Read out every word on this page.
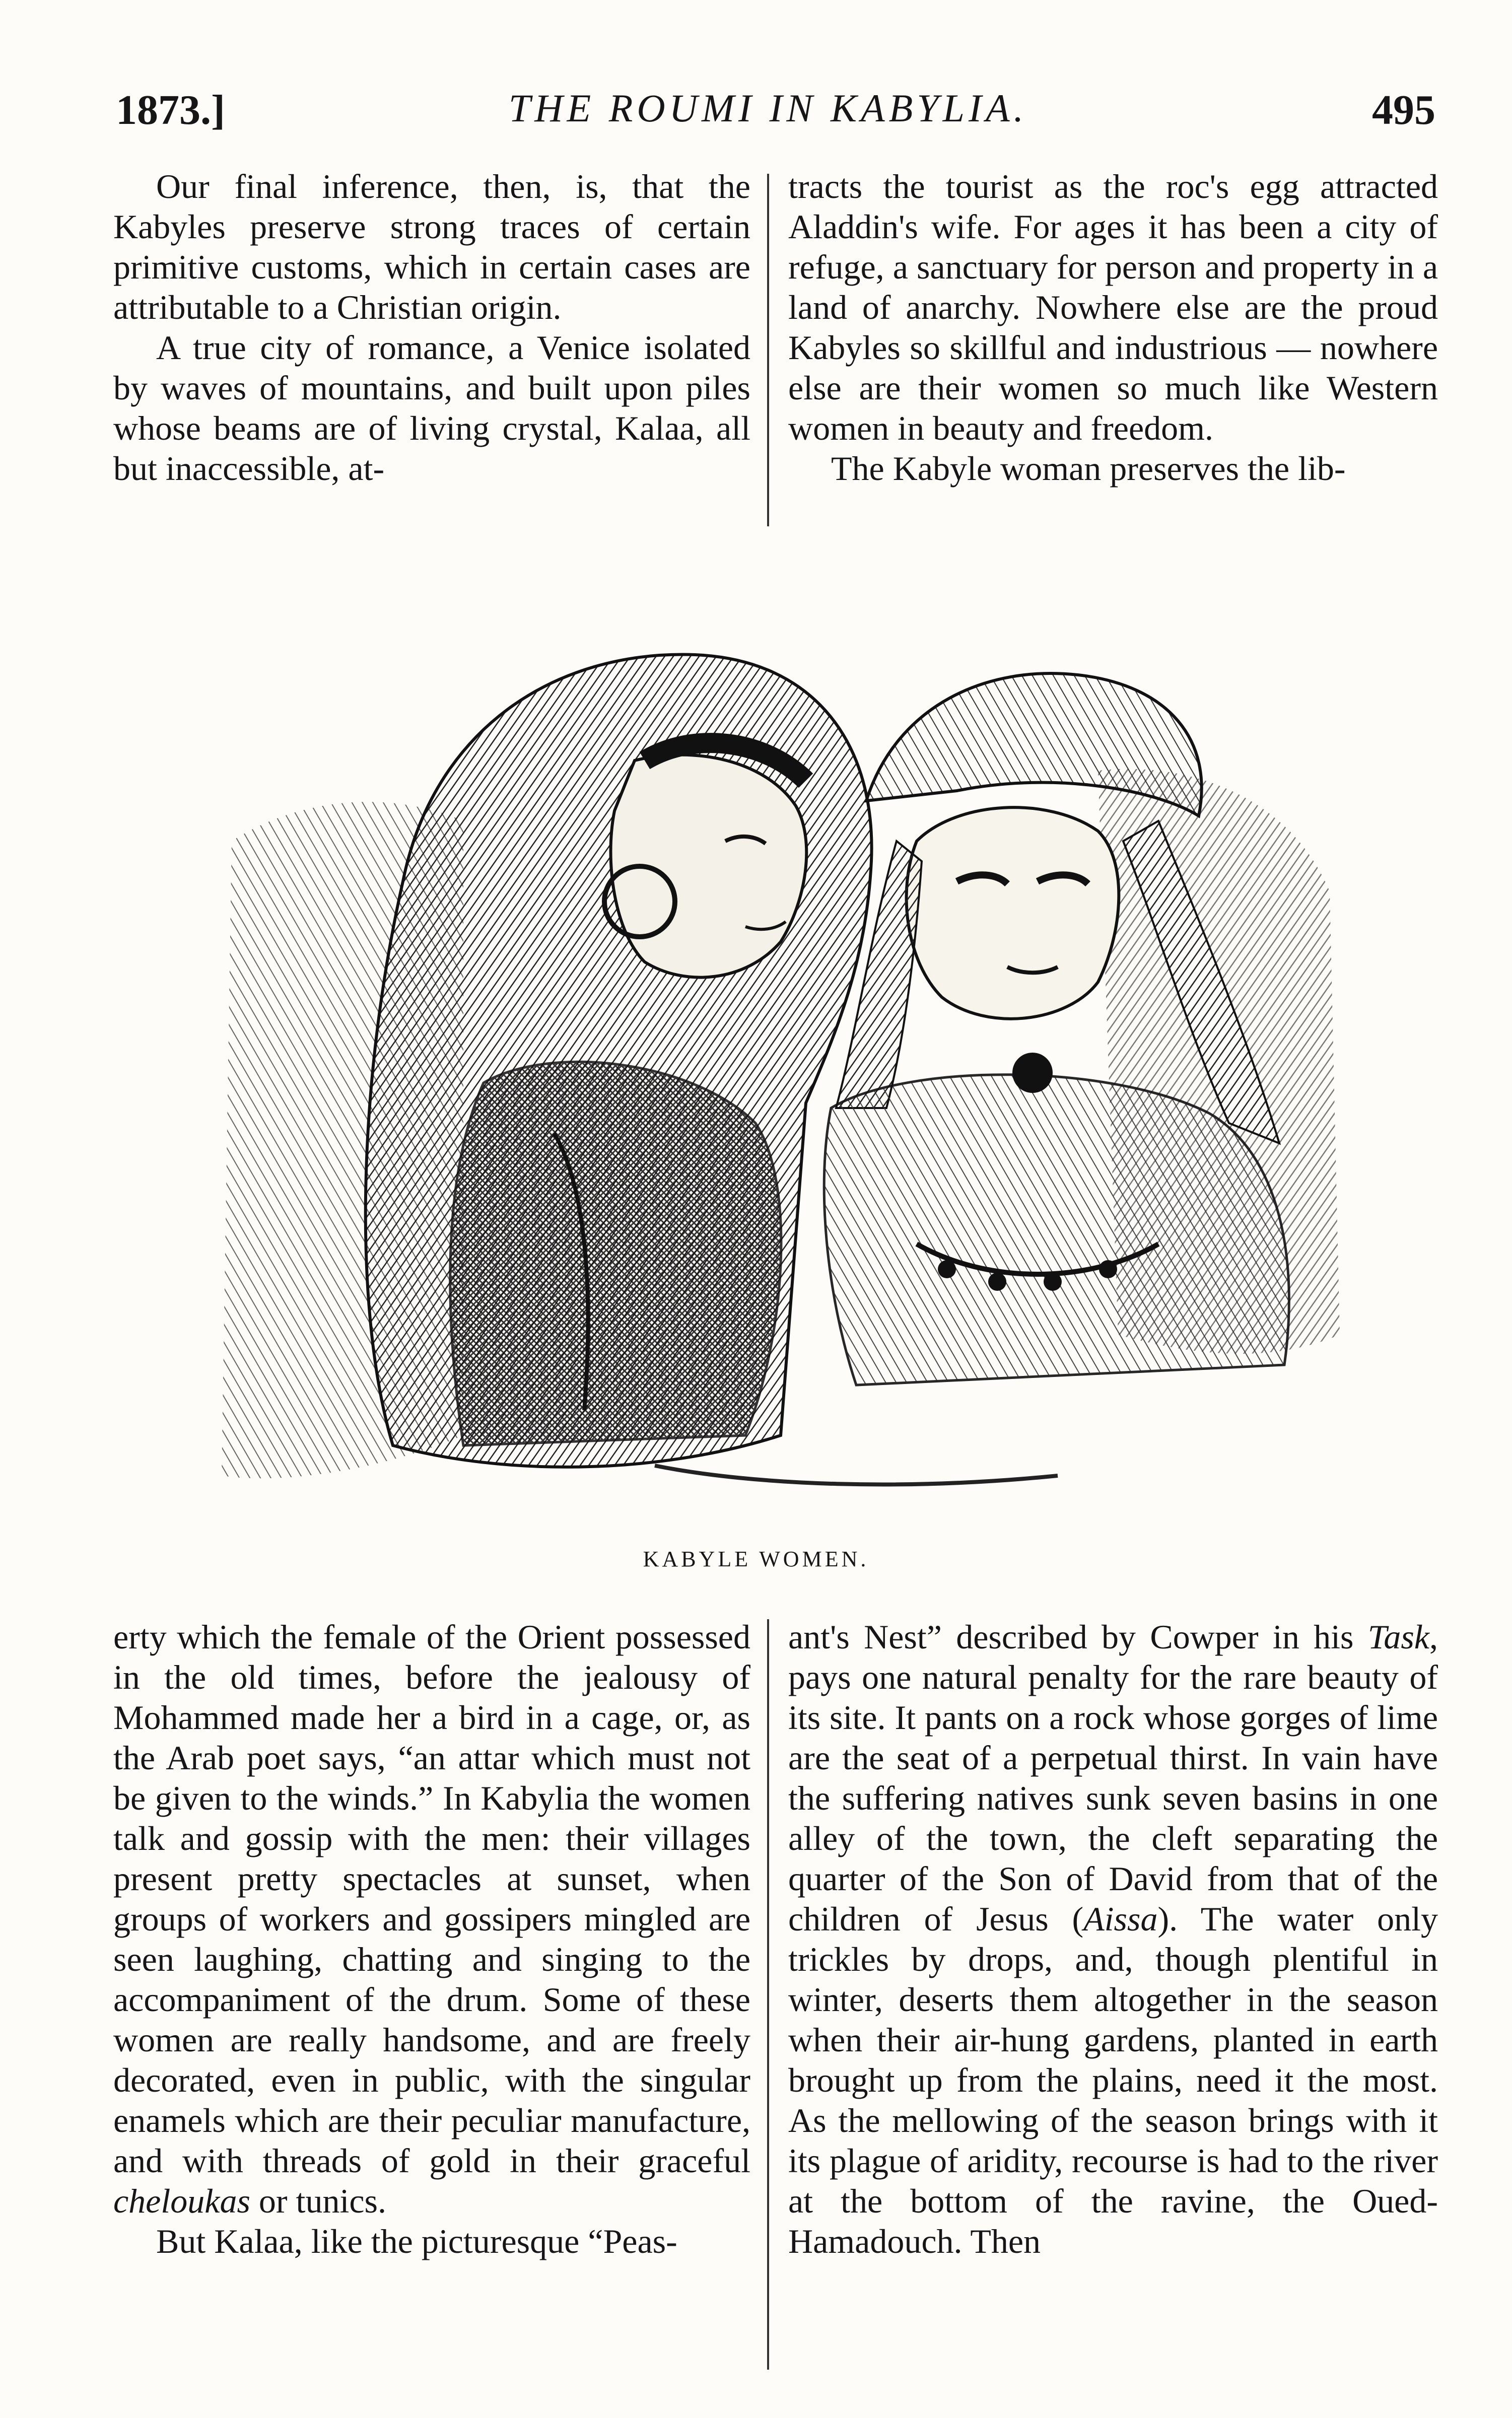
1873.]	THE ROUMI IN KABYLIA.	495

Our final inference, then, is, that the Kabyles preserve strong traces of certain primitive customs, which in certain cases are attributable to a Christian origin.

A true city of romance, a Venice isolated by waves of mountains, and built upon piles whose beams are of living crystal, Kalaa, all but inaccessible, at-

tracts the tourist as the roc's egg attracted Aladdin's wife. For ages it has been a city of refuge, a sanctuary for person and property in a land of anarchy. Nowhere else are the proud Kabyles so skillful and industrious — nowhere else are their women so much like Western women in beauty and freedom.

The Kabyle woman preserves the lib-

KABYLE WOMEN.

erty which the female of the Orient possessed in the old times, before the jealousy of Mohammed made her a bird in a cage, or, as the Arab poet says, “an attar which must not be given to the winds.” In Kabylia the women talk and gossip with the men: their villages present pretty spectacles at sunset, when groups of workers and gossipers mingled are seen laughing, chatting and singing to the accompaniment of the drum. Some of these women are really handsome, and are freely decorated, even in public, with the singular enamels which are their peculiar manufacture, and with threads of gold in their graceful cheloukas or tunics.

But Kalaa, like the picturesque “Peas-

ant's Nest” described by Cowper in his Task, pays one natural penalty for the rare beauty of its site. It pants on a rock whose gorges of lime are the seat of a perpetual thirst. In vain have the suffering natives sunk seven basins in one alley of the town, the cleft separating the quarter of the Son of David from that of the children of Jesus (Aissa). The water only trickles by drops, and, though plentiful in winter, deserts them altogether in the season when their air-hung gardens, planted in earth brought up from the plains, need it the most. As the mellowing of the season brings with it its plague of aridity, recourse is had to the river at the bottom of the ravine, the Oued-Hamadouch. Then
